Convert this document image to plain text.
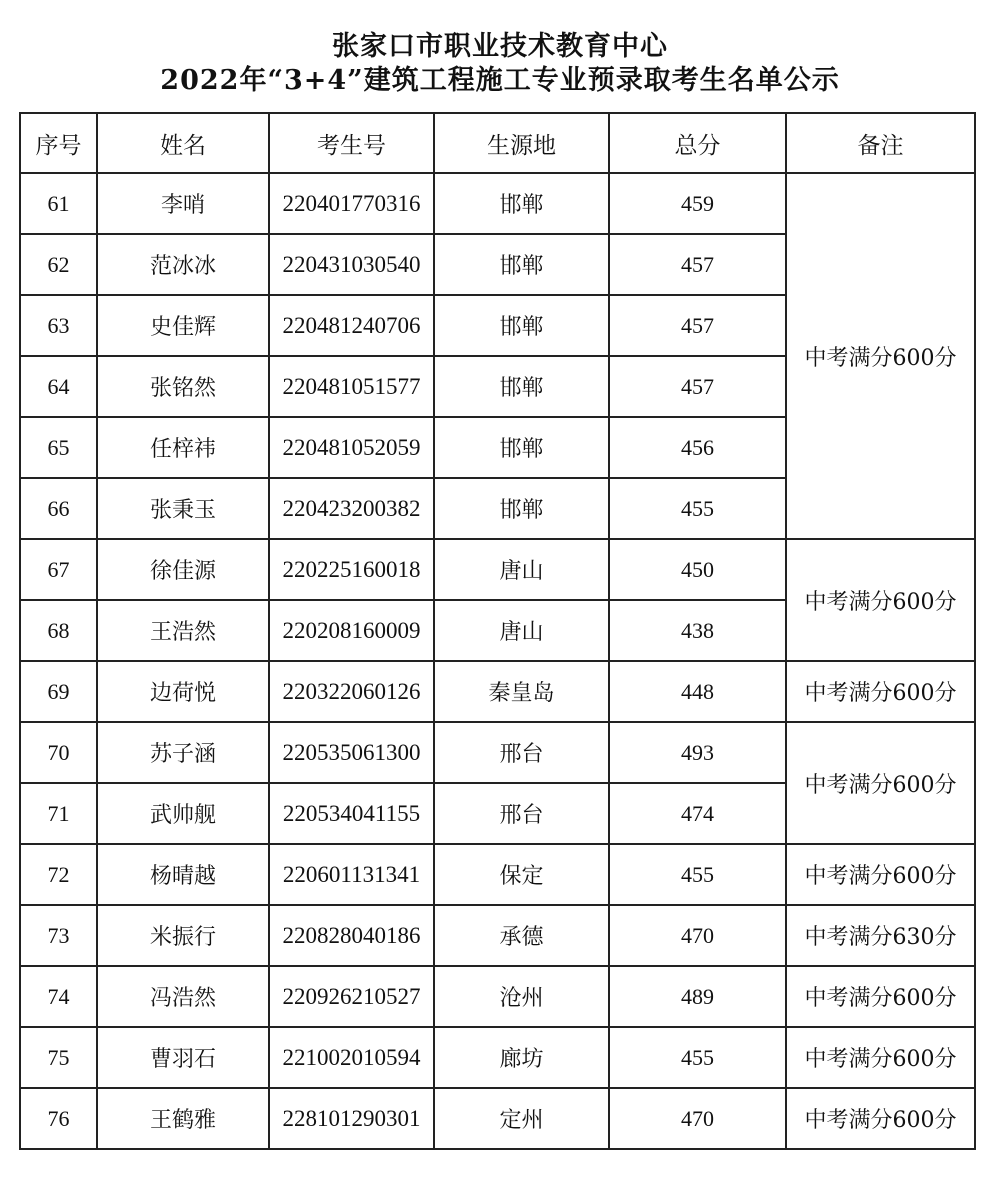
张家口市职业技术教育中心
2022年“3+4”建筑工程施工专业预录取考生名单公示
序号	姓名	考生号	生源地	总分	备注
61	李哨	220401770316	邯郸	459	中考满分600分
62	范冰冰	220431030540	邯郸	457	
63	史佳辉	220481240706	邯郸	457	
64	张铭然	220481051577	邯郸	457	
65	任梓祎	220481052059	邯郸	456	
66	张秉玉	220423200382	邯郸	455	
67	徐佳源	220225160018	唐山	450	中考满分600分
68	王浩然	220208160009	唐山	438	
69	边荷悦	220322060126	秦皇岛	448	中考满分600分
70	苏子涵	220535061300	邢台	493	中考满分600分
71	武帅舰	220534041155	邢台	474	
72	杨晴越	220601131341	保定	455	中考满分600分
73	米振行	220828040186	承德	470	中考满分630分
74	冯浩然	220926210527	沧州	489	中考满分600分
75	曹羽石	221002010594	廊坊	455	中考满分600分
76	王鹤雅	228101290301	定州	470	中考满分600分
